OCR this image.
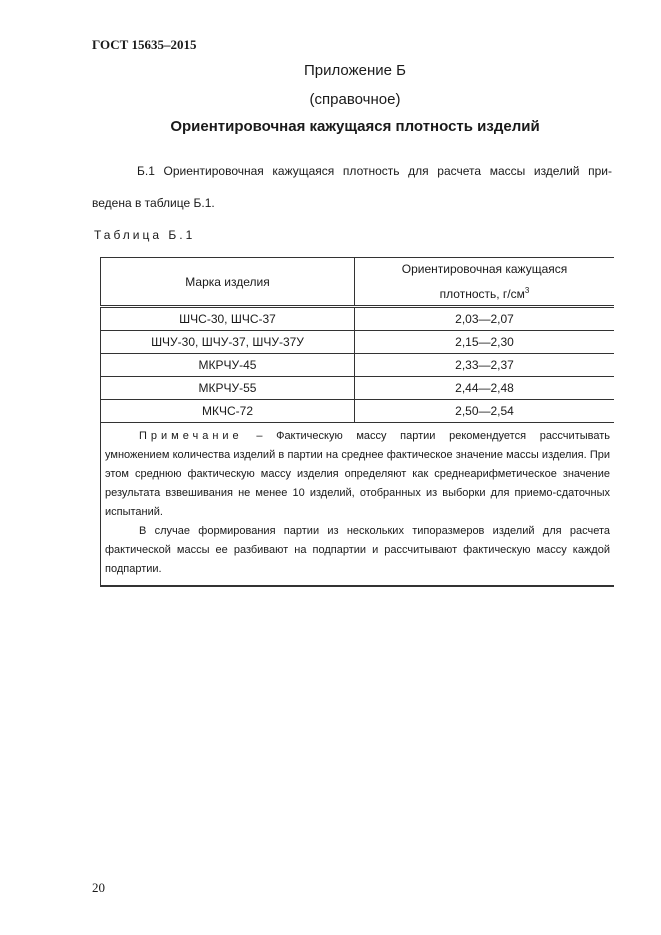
ГОСТ 15635–2015
Приложение Б
(справочное)
Ориентировочная кажущаяся плотность изделий
Б.1 Ориентировочная кажущаяся плотность для расчета массы изделий при-
ведена в таблице Б.1.
Таблица Б.1
Марка изделия	Ориентировочная кажущаяся
плотность, $г/см^3$
ШЧС-30, ШЧС-37	2,03—2,07
ШЧУ-30, ШЧУ-37, ШЧУ-37У	2,15—2,30
МКРЧУ-45	2,33—2,37
МКРЧУ-55	2,44—2,48
МКЧС-72	2,50—2,54

Примечание – Фактическую массу партии рекомендуется рассчитывать умножением количества изделий в партии на среднее фактическое значение массы изделия. При этом среднюю фактическую массу изделия определяют как среднеарифметическое значение результата взвешивания не менее 10 изделий, отобранных из выборки для приемо-сдаточных испытаний.

В случае формирования партии из нескольких типоразмеров изделий для расчета фактической массы ее разбивают на подпартии и рассчитывают фактическую массу каждой подпартии.	

20
